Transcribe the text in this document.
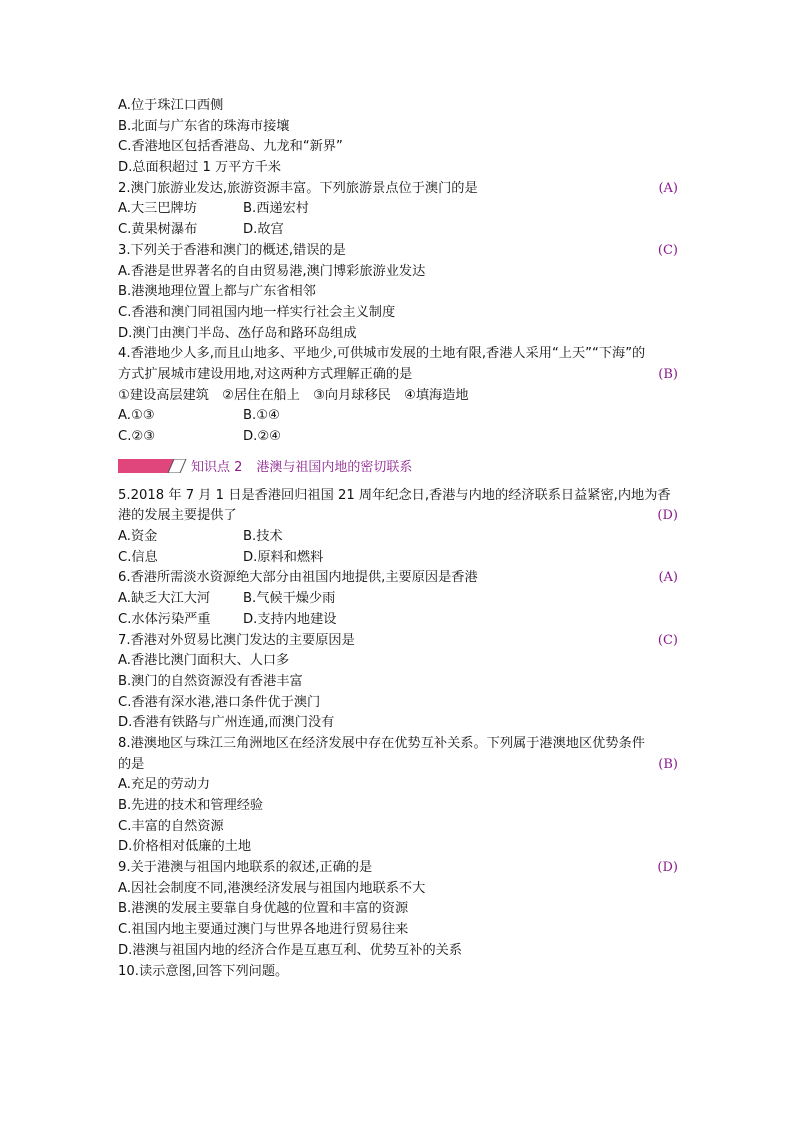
A.位于珠江口西侧
B.北面与广东省的珠海市接壤
C.香港地区包括香港岛、九龙和“新界”
D.总面积超过 1 万平方千米
2.澳门旅游业发达,旅游资源丰富。下列旅游景点位于澳门的是	(A)
A.大三巴牌坊	B.西递宏村
C.黄果树瀑布	D.故宫
3.下列关于香港和澳门的概述,错误的是	(C)
A.香港是世界著名的自由贸易港,澳门博彩旅游业发达
B.港澳地理位置上都与广东省相邻
C.香港和澳门同祖国内地一样实行社会主义制度
D.澳门由澳门半岛、氹仔岛和路环岛组成
4.香港地少人多,而且山地多、平地少,可供城市发展的土地有限,香港人采用“上天”“下海”的
方式扩展城市建设用地,对这两种方式理解正确的是	(B)
①建设高层建筑　②居住在船上　③向月球移民　④填海造地
A.①③	B.①④
C.②③	D.②④
知识点 2 港澳与祖国内地的密切联系
5.2018 年 7 月 1 日是香港回归祖国 21 周年纪念日,香港与内地的经济联系日益紧密,内地为香
港的发展主要提供了	(D)
A.资金	B.技术
C.信息	D.原料和燃料
6.香港所需淡水资源绝大部分由祖国内地提供,主要原因是香港	(A)
A.缺乏大江大河	B.气候干燥少雨
C.水体污染严重	D.支持内地建设
7.香港对外贸易比澳门发达的主要原因是	(C)
A.香港比澳门面积大、人口多
B.澳门的自然资源没有香港丰富
C.香港有深水港,港口条件优于澳门
D.香港有铁路与广州连通,而澳门没有
8.港澳地区与珠江三角洲地区在经济发展中存在优势互补关系。下列属于港澳地区优势条件
的是	(B)
A.充足的劳动力
B.先进的技术和管理经验
C.丰富的自然资源
D.价格相对低廉的土地
9.关于港澳与祖国内地联系的叙述,正确的是	(D)
A.因社会制度不同,港澳经济发展与祖国内地联系不大
B.港澳的发展主要靠自身优越的位置和丰富的资源
C.祖国内地主要通过澳门与世界各地进行贸易往来
D.港澳与祖国内地的经济合作是互惠互利、优势互补的关系
10.读示意图,回答下列问题。
